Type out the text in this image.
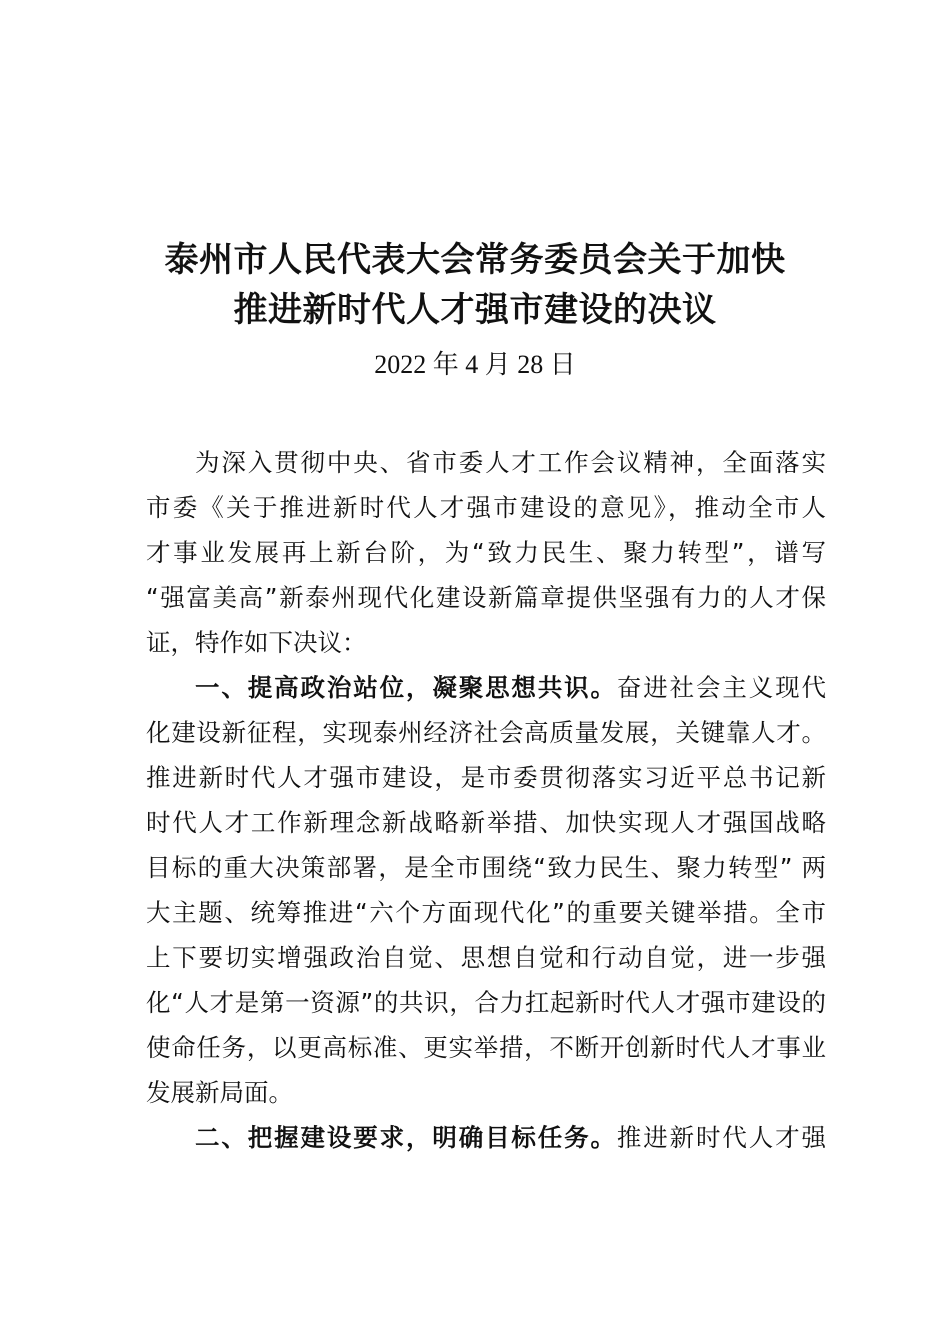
泰州市人民代表大会常务委员会关于加快
推进新时代人才强市建设的决议
2022 年 4 月 28 日
为深入贯彻中央、省市委人才工作会议精神，全面落实
市委《关于推进新时代人才强市建设的意见》，推动全市人
才事业发展再上新台阶，为“致力民生、聚力转型”，谱写
“强富美高”新泰州现代化建设新篇章提供坚强有力的人才保
证，特作如下决议：
一、提高政治站位，凝聚思想共识。奋进社会主义现代
化建设新征程，实现泰州经济社会高质量发展，关键靠人才。
推进新时代人才强市建设，是市委贯彻落实习近平总书记新
时代人才工作新理念新战略新举措、加快实现人才强国战略
目标的重大决策部署，是全市围绕“致力民生、聚力转型” 两
大主题、统筹推进“六个方面现代化”的重要关键举措。全市
上下要切实增强政治自觉、思想自觉和行动自觉，进一步强
化“人才是第一资源”的共识，合力扛起新时代人才强市建设的
使命任务，以更高标准、更实举措，不断开创新时代人才事业
发展新局面。
二、把握建设要求，明确目标任务。推进新时代人才强
